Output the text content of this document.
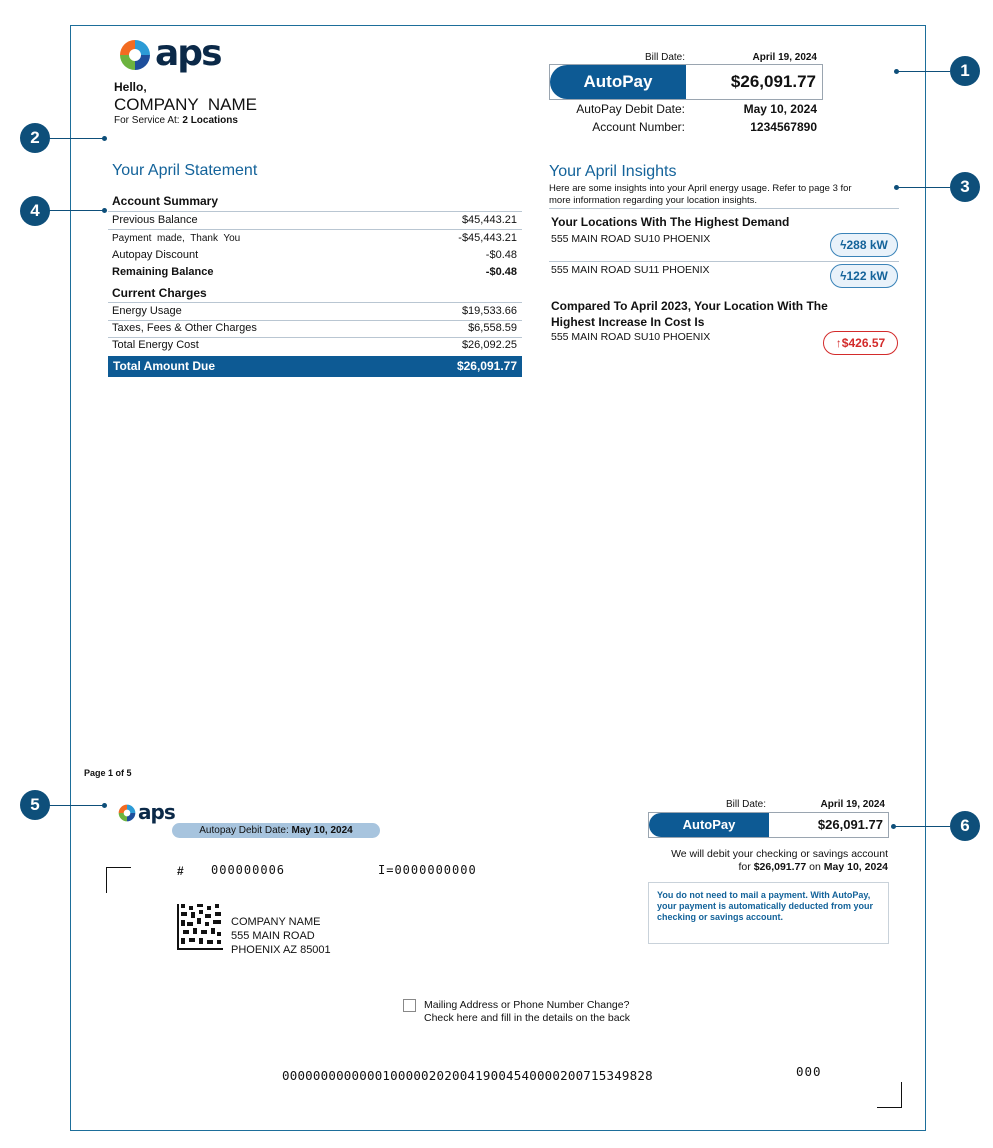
aps
Hello,
COMPANY  NAME
For Service At: 2 Locations
Bill Date:	April 19, 2024
AutoPay	$26,091.77
AutoPay Debit Date:	May 10, 2024
Account Number:	1234567890
Your April Statement
Account Summary
Previous Balance	$45,443.21
Payment  made,  Thank  You	-$45,443.21
Autopay Discount	-$0.48
Remaining Balance	-$0.48
Current Charges
Energy Usage	$19,533.66
Taxes, Fees & Other Charges	$6,558.59
Total Energy Cost	$26,092.25
Total Amount Due	$26,091.77
Your April Insights
Here are some insights into your April energy usage. Refer to page 3 for
more information regarding your location insights.
Your Locations With The Highest Demand
555 MAIN ROAD SU10 PHOENIX	ϟ288 kW
555 MAIN ROAD SU11 PHOENIX	ϟ122 kW
Compared To April 2023, Your Location With The
Highest Increase In Cost Is
555 MAIN ROAD SU10 PHOENIX	↑$426.57
Page 1 of 5
aps
Autopay Debit Date: May 10, 2024
Bill Date:	April 19, 2024
AutoPay	$26,091.77
We will debit your checking or savings account
for $26,091.77 on May 10, 2024
You do not need to mail a payment. With AutoPay, your payment is automatically deducted from your checking or savings account.
# 000000006	I=0000000000
COMPANY NAME
555 MAIN ROAD
PHOENIX AZ 85001
Mailing Address or Phone Number Change?
Check here and fill in the details on the back
00000000000001000002020041900454000020071534982​8	000
1
2
3
4
5
6
